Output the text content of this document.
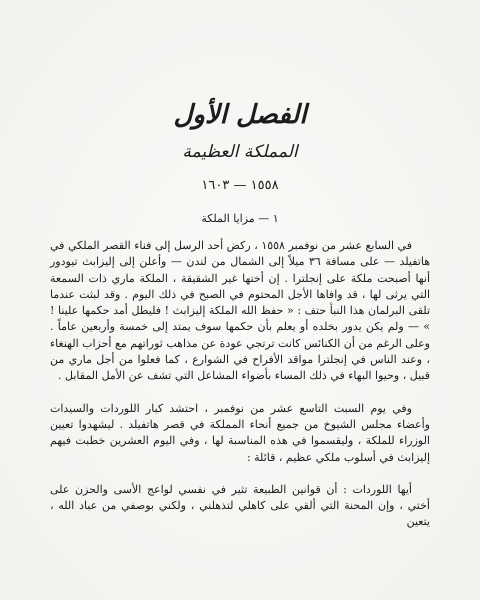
الفصل الأول
المملكة العظيمة
١٥٥٨ — ١٦٠٣
١ — مزايا الملكة

في السابع عشر من نوفمبر ١٥٥٨ ، ركض أحد الرسل إلى فناء القصر الملكي في هاتفيلد — على مسافة ٣٦ ميلاً إلى الشمال من لندن — وأعلن إلى إليزابث تيودور أنها أصبحت ملكة على إنجلترا . إن أختها غير الشقيقة ، الملكة ماري ذات السمعة التي يرثى لها ، قد وافاها الأجل المحتوم في الصبح في ذلك اليوم . وقد لبثت عندما تلقى البرلمان هذا النبأ حتف : « حفظ الله الملكة إليزابث ! فليطل أمد حكمها علينا ! » — ولم يكن يدور بخلده أو يعلم بأن حكمها سوف يمتد إلى خمسة وأربعين عاماً . وعلى الرغم من أن الكنائس كانت ترتجي عودة عن مذاهب ثوراتهم مع أحزاب الهنغاء ، وعند الناس في إنجلترا مواقد الأفراح في الشوارع ، كما فعلوا من أجل ماري من قبيل ، وحيوا البهاء في ذلك المساء بأضواء المشاعل التي تشف عن الأمل المقابل .

وفي يوم السبت التاسع عشر من نوفمبر ، احتشد كبار اللوردات والسيدات وأعضاء مجلس الشيوخ من جميع أنحاء المملكة في قصر هاتفيلد . ليشهدوا تعيين الوزراء للملكة ، وليقسموا في هذه المناسبة لها ، وفي اليوم العشرين خطبت فيهم إليزابث في أسلوب ملكي عظيم ، قائلة :

أيها اللوردات : أن قوانين الطبيعة تثير في نفسي لواعج الأسى والحزن على أختي ، وإن المحنة التي ألقي على كاهلي لتذهلني ، ولكني بوصفي من عباد الله ، يتعين
